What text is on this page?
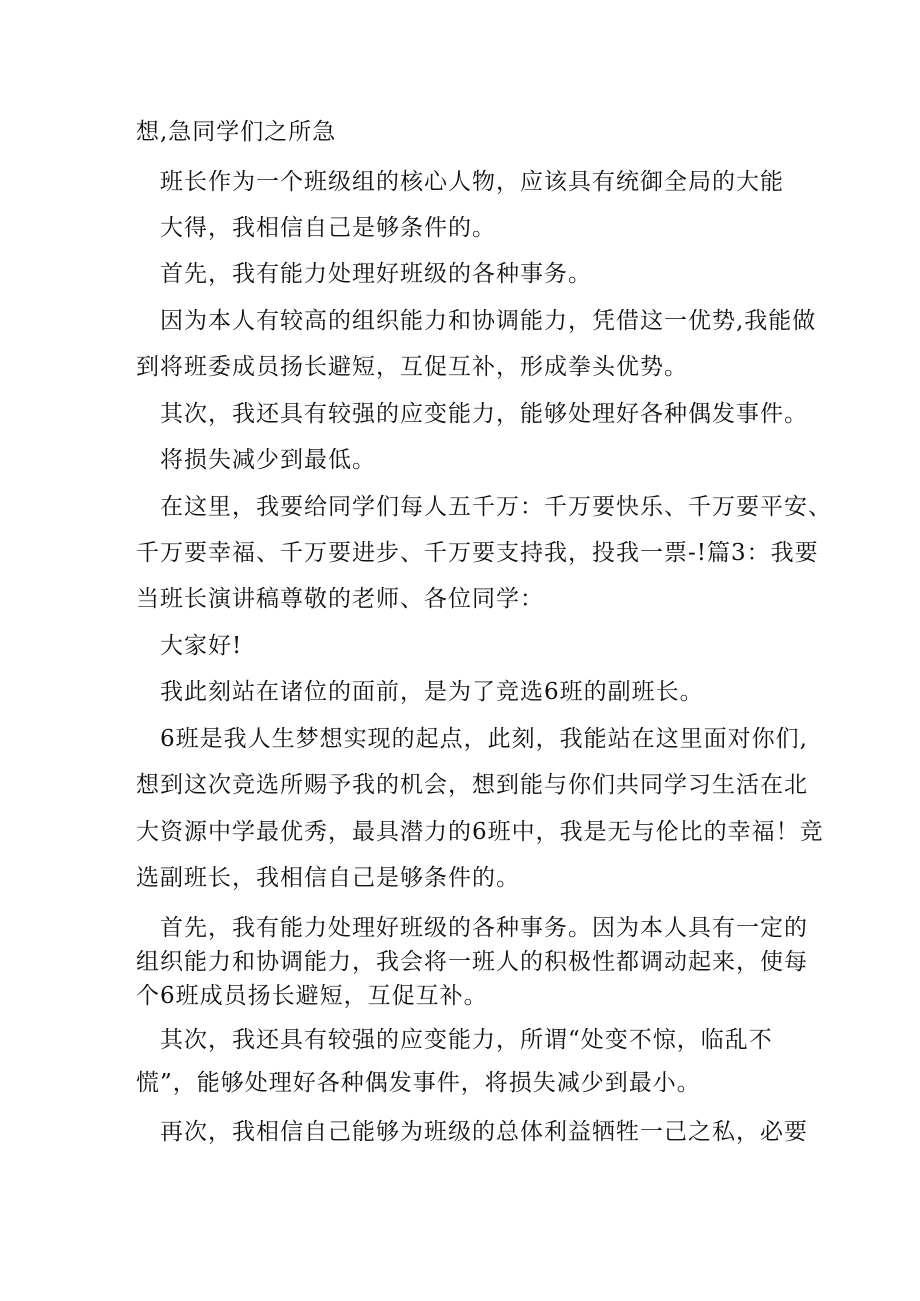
想,急同学们之所急
班长作为一个班级组的核心人物，应该具有统御全局的大能
大得，我相信自己是够条件的。
首先，我有能力处理好班级的各种事务。
因为本人有较高的组织能力和协调能力，凭借这一优势,我能做
到将班委成员扬长避短，互促互补，形成拳头优势。
其次，我还具有较强的应变能力，能够处理好各种偶发事件。
将损失减少到最低。
在这里，我要给同学们每人五千万：千万要快乐、千万要平安、
千万要幸福、千万要进步、千万要支持我，投我一票-!篇3：我要
当班长演讲稿尊敬的老师、各位同学：
大家好!
我此刻站在诸位的面前，是为了竞选6班的副班长。
6班是我人生梦想实现的起点，此刻，我能站在这里面对你们,
想到这次竞选所赐予我的机会，想到能与你们共同学习生活在北
大资源中学最优秀，最具潜力的6班中，我是无与伦比的幸福！竞
选副班长，我相信自己是够条件的。
首先，我有能力处理好班级的各种事务。因为本人具有一定的
组织能力和协调能力，我会将一班人的积极性都调动起来，使每
个6班成员扬长避短，互促互补。
其次，我还具有较强的应变能力，所谓“处变不惊，临乱不
慌”，能够处理好各种偶发事件，将损失减少到最小。
再次，我相信自己能够为班级的总体利益牺牲一己之私，必要
